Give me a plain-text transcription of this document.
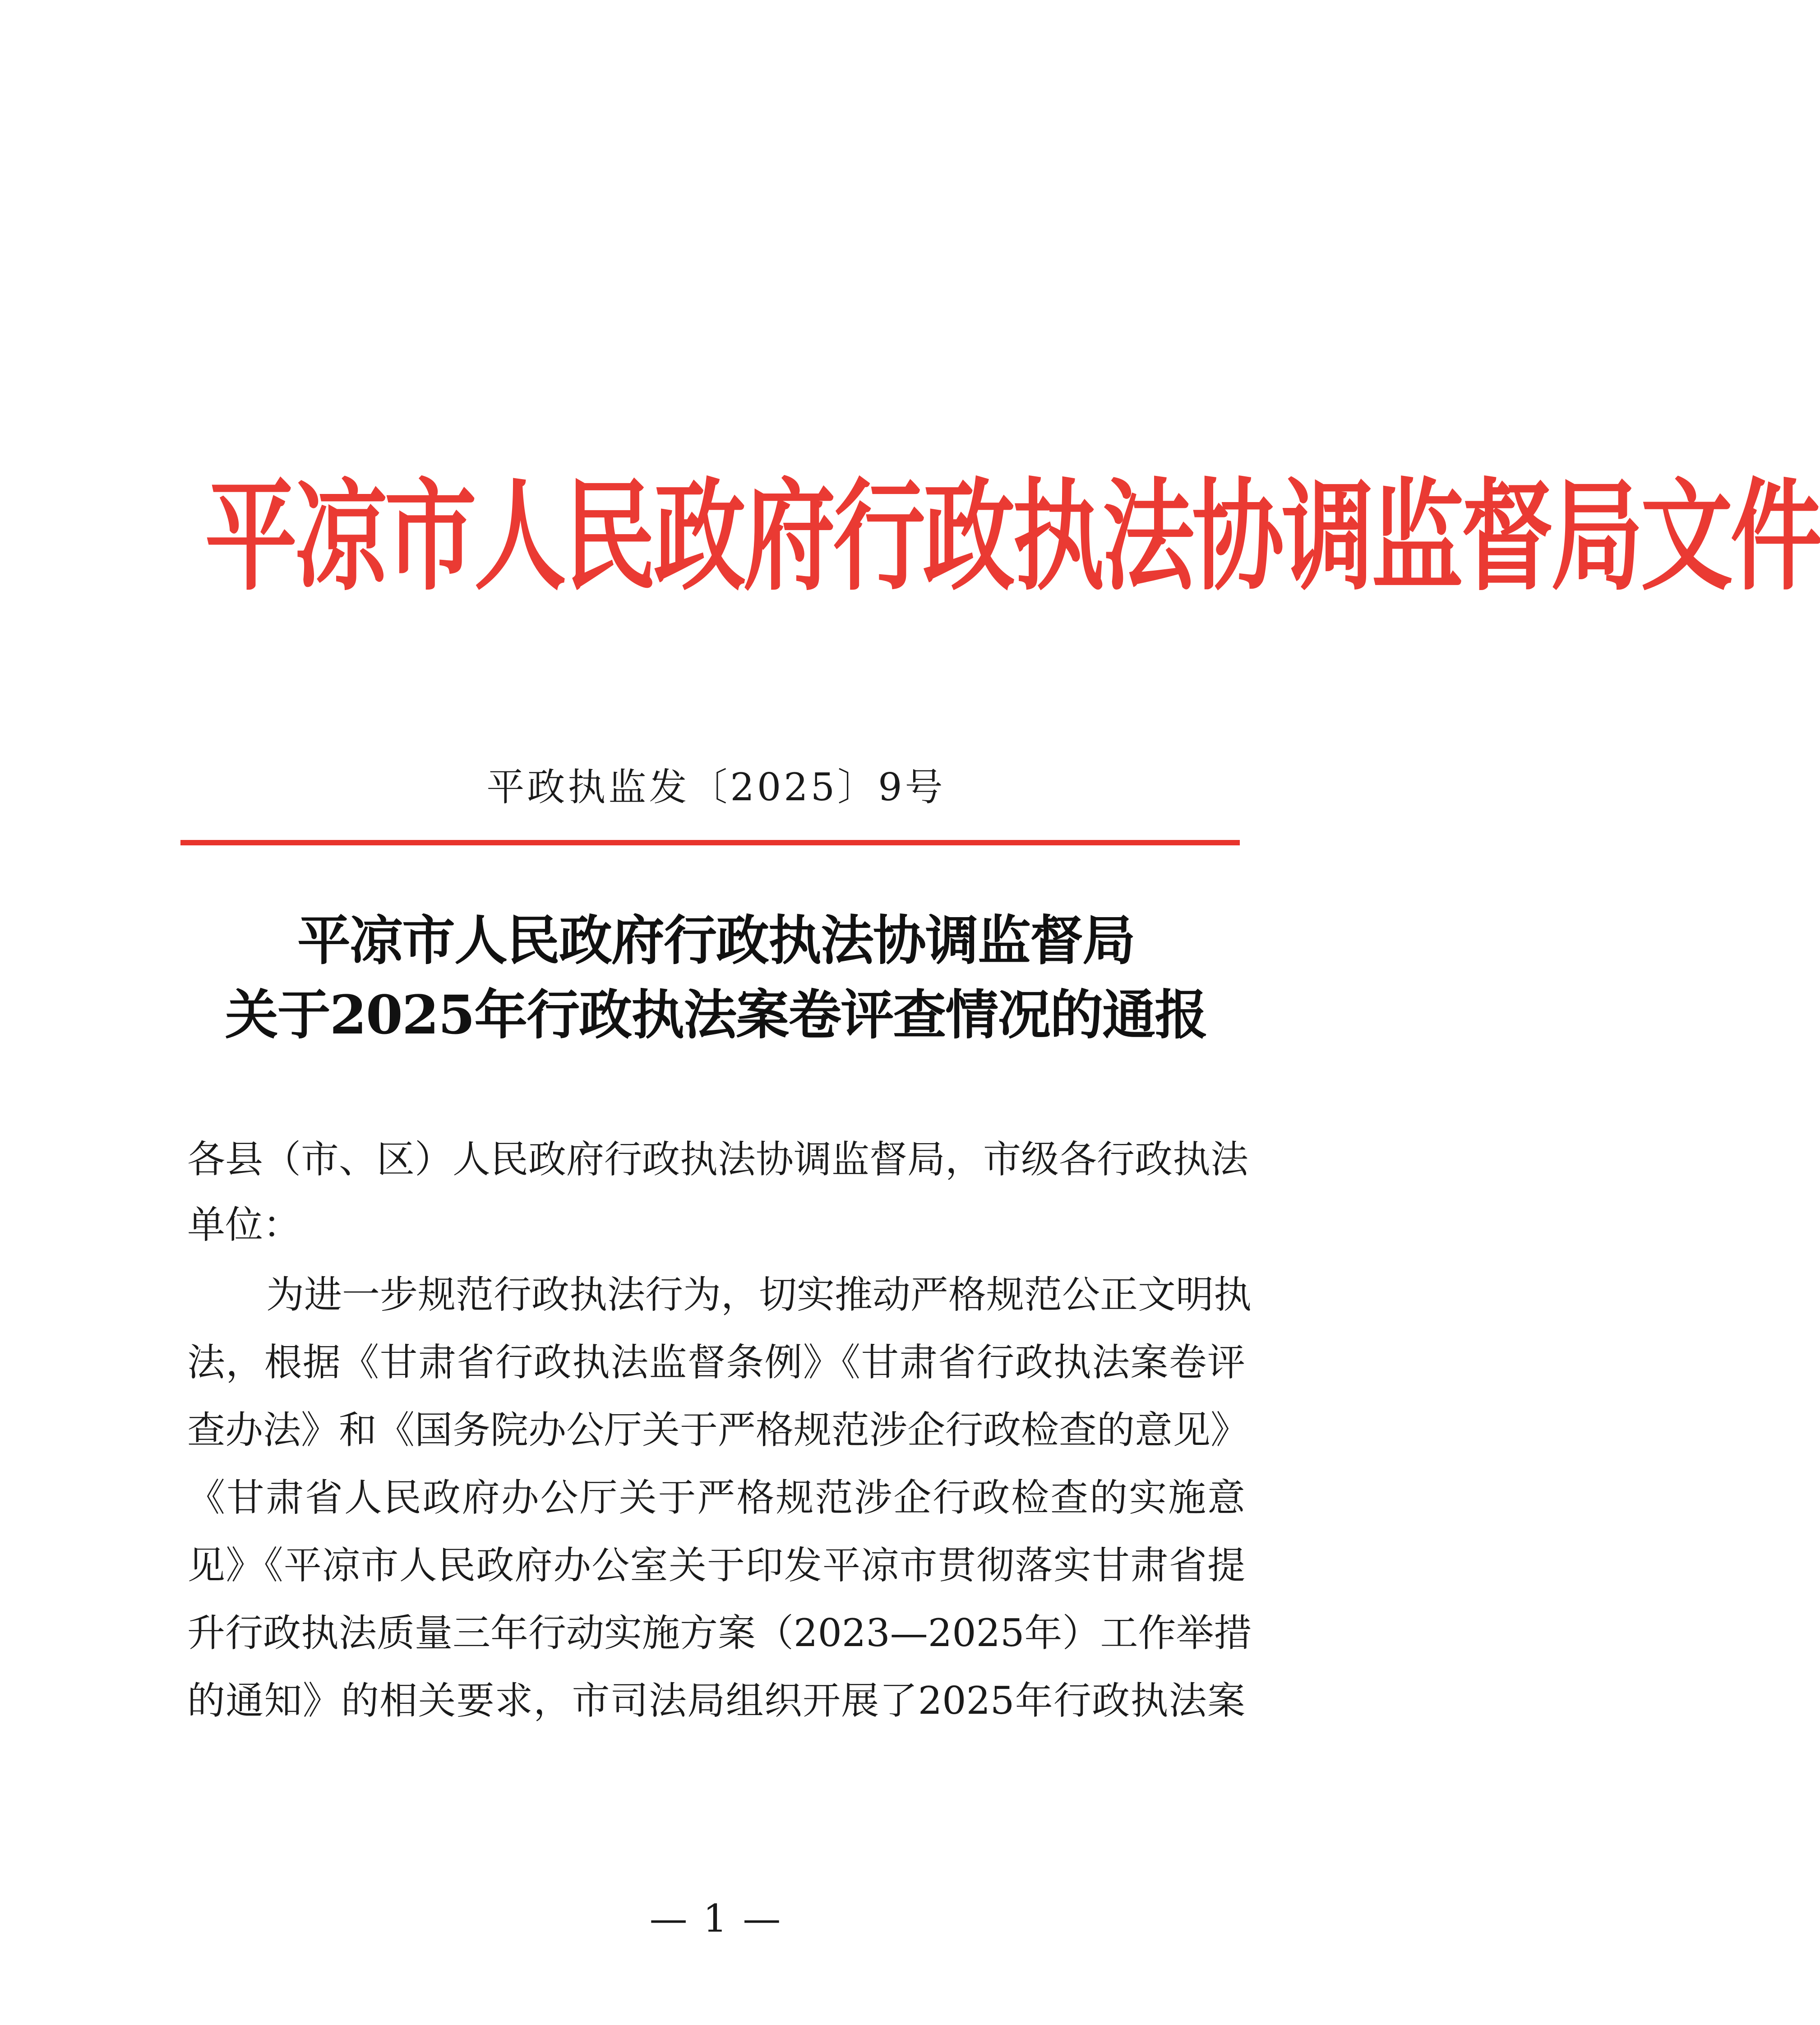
平凉市人民政府行政执法协调监督局文件
平政执监发〔2025〕9号
平凉市人民政府行政执法协调监督局
关于2025年行政执法案卷评查情况的通报
各县（市、区）人民政府行政执法协调监督局，市级各行政执法
单位：
为进一步规范行政执法行为，切实推动严格规范公正文明执
法，根据《甘肃省行政执法监督条例》《甘肃省行政执法案卷评
查办法》和《国务院办公厅关于严格规范涉企行政检查的意见》
《甘肃省人民政府办公厅关于严格规范涉企行政检查的实施意
见》《平凉市人民政府办公室关于印发平凉市贯彻落实甘肃省提
升行政执法质量三年行动实施方案（2023—2025年）工作举措
的通知》的相关要求，市司法局组织开展了2025年行政执法案
— 1 —
